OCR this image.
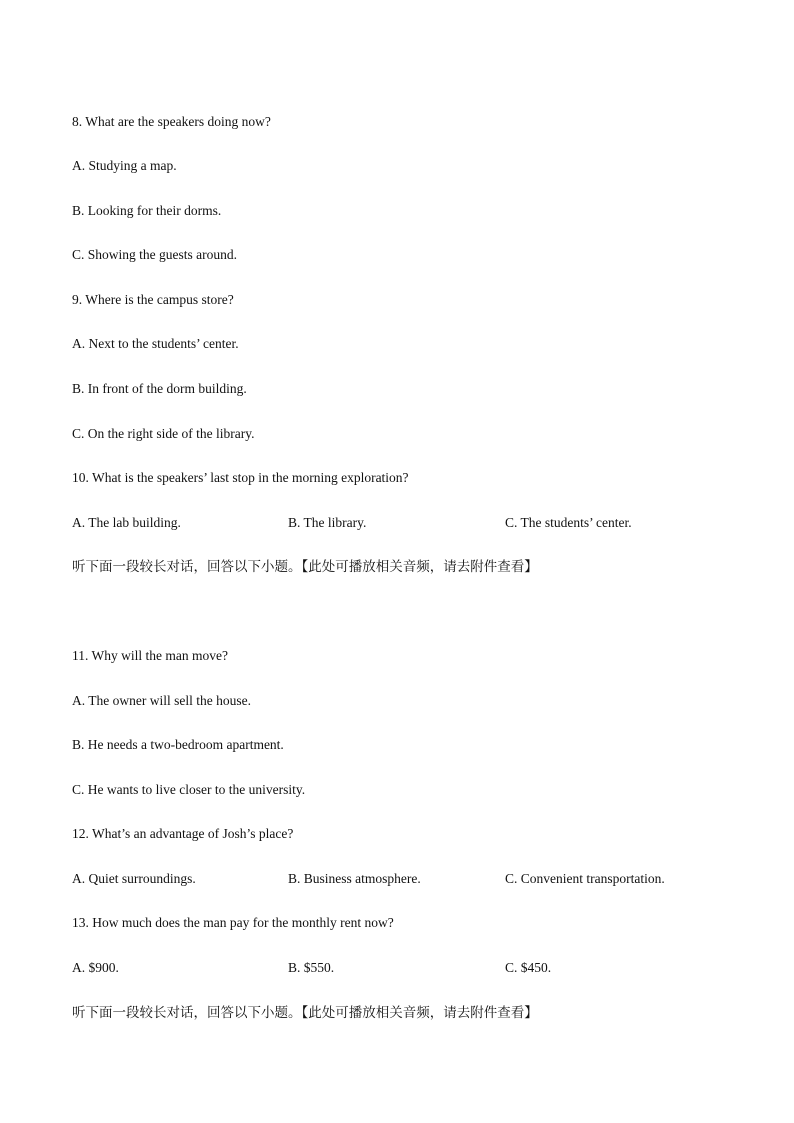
8. What are the speakers doing now?
A. Studying a map.
B. Looking for their dorms.
C. Showing the guests around.
9. Where is the campus store?
A. Next to the students’ center.
B. In front of the dorm building.
C. On the right side of the library.
10. What is the speakers’ last stop in the morning exploration?
A. The lab building.	B. The library.	C. The students’ center.
听下面一段较长对话，回答以下小题。【此处可播放相关音频，请去附件查看】
11. Why will the man move?
A. The owner will sell the house.
B. He needs a two-bedroom apartment.
C. He wants to live closer to the university.
12. What’s an advantage of Josh’s place?
A. Quiet surroundings.	B. Business atmosphere.	C. Convenient transportation.
13. How much does the man pay for the monthly rent now?
A. $900.	B. $550.	C. $450.
听下面一段较长对话，回答以下小题。【此处可播放相关音频，请去附件查看】
